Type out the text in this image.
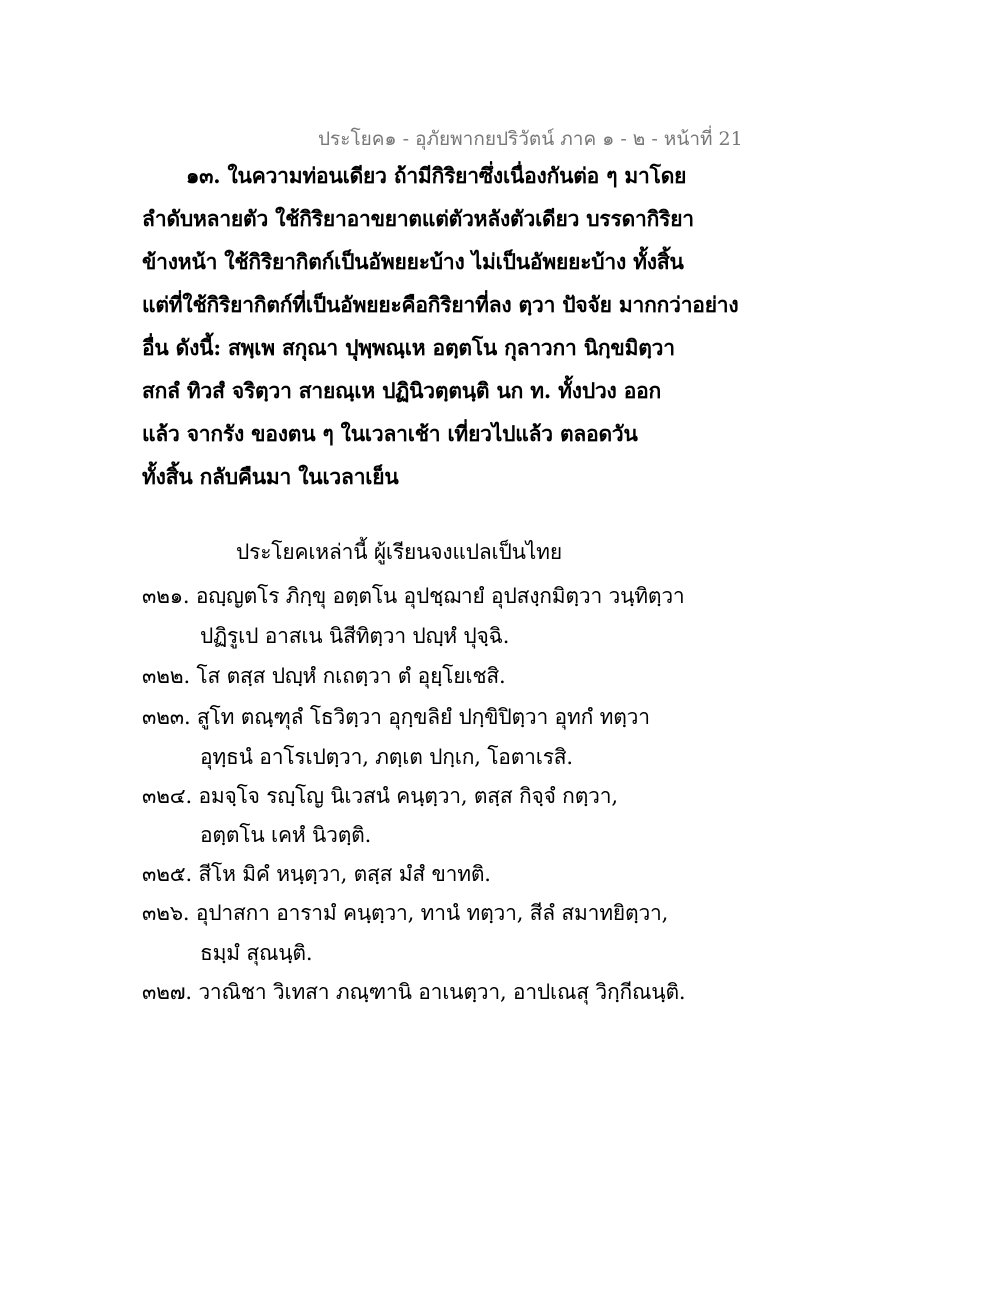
ประโยค๑ - อุภัยพากยปริวัตน์ ภาค ๑ - ๒ - หน้าที่ 21
๑๓. ในความท่อนเดียว ถ้ามีกิริยาซึ่งเนื่องกันต่อ ๆ มาโดย
ลำดับหลายตัว ใช้กิริยาอาขยาตแต่ตัวหลังตัวเดียว บรรดากิริยา
ข้างหน้า ใช้กิริยากิตก์เป็นอัพยยะบ้าง ไม่เป็นอัพยยะบ้าง ทั้งสิ้น
แต่ที่ใช้กิริยากิตก์ที่เป็นอัพยยะคือกิริยาที่ลง ตฺวา ปัจจัย มากกว่าอย่าง
อื่น ดังนี้: สพฺเพ สกุณา ปุพฺพณฺเห อตฺตโน กุลาวกา นิกฺขมิตฺวา
สกลํ ทิวสํ จริตฺวา สายณฺเห ปฏินิวตฺตนฺติ นก ท. ทั้งปวง ออก
แล้ว จากรัง ของตน ๆ ในเวลาเช้า เที่ยวไปแล้ว ตลอดวัน
ทั้งสิ้น กลับคืนมา ในเวลาเย็น
ประโยคเหล่านี้ ผู้เรียนจงแปลเป็นไทย
๓๒๑. อญฺญตโร ภิกฺขุ อตฺตโน อุปชฺฌายํ อุปสงฺกมิตฺวา วนฺทิตฺวา
ปฏิรูเป อาสเน นิสีทิตฺวา ปญฺหํ ปุจฺฉิ.
๓๒๒. โส ตสฺส ปญฺหํ กเถตฺวา ตํ อุยฺโยเชสิ.
๓๒๓. สูโท ตณฺฑุลํ โธวิตฺวา อุกฺขลิยํ ปกฺขิปิตฺวา อุทกํ ทตฺวา
อุทฺธนํ อาโรเปตฺวา, ภตฺเต ปกฺเก, โอตาเรสิ.
๓๒๔. อมจฺโจ รญฺโญ นิเวสนํ คนฺตฺวา, ตสฺส กิจฺจํ กตฺวา,
อตฺตโน เคหํ นิวตฺติ.
๓๒๕. สีโห มิคํ หนฺตฺวา, ตสฺส มํสํ ขาทติ.
๓๒๖. อุปาสกา อารามํ คนฺตฺวา, ทานํ ทตฺวา, สีลํ สมาทยิตฺวา,
ธมฺมํ สุณนฺติ.
๓๒๗. วาณิชา วิเทสา ภณฺฑานิ อาเนตฺวา, อาปเณสุ วิกฺกีณนฺติ.
